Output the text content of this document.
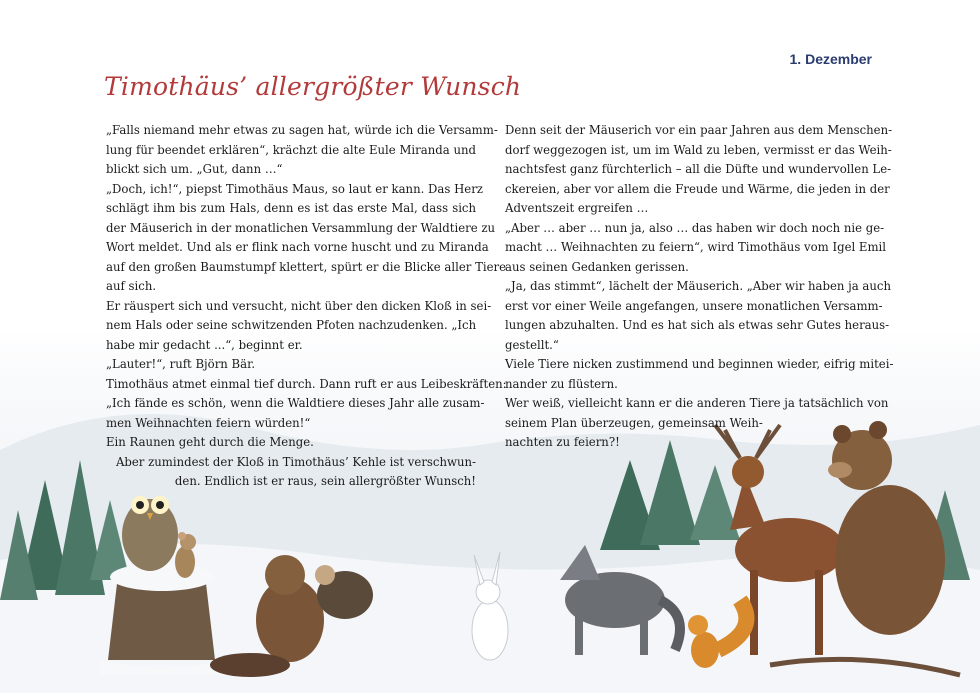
1. Dezember
Timothäus’ allergrößter Wunsch
„Falls niemand mehr etwas zu sagen hat, würde ich die Versamm-
lung für beendet erklären“, krächzt die alte Eule Miranda und
blickt sich um. „Gut, dann …“
„Doch, ich!“, piepst Timothäus Maus, so laut er kann. Das Herz
schlägt ihm bis zum Hals, denn es ist das erste Mal, dass sich
der Mäuserich in der monatlichen Versammlung der Waldtiere zu
Wort meldet. Und als er flink nach vorne huscht und zu Miranda
auf den großen Baumstumpf klettert, spürt er die Blicke aller Tiere
auf sich.
Er räuspert sich und versucht, nicht über den dicken Kloß in sei-
nem Hals oder seine schwitzenden Pfoten nachzudenken. „Ich
habe mir gedacht ...“, beginnt er.
„Lauter!“, ruft Björn Bär.
Timothäus atmet einmal tief durch. Dann ruft er aus Leibeskräften:
„Ich fände es schön, wenn die Waldtiere dieses Jahr alle zusam-
men Weihnachten feiern würden!“
Ein Raunen geht durch die Menge.
Aber zumindest der Kloß in Timothäus’ Kehle ist verschwun-
den. Endlich ist er raus, sein allergrößter Wunsch!
Denn seit der Mäuserich vor ein paar Jahren aus dem Menschen-
dorf weggezogen ist, um im Wald zu leben, vermisst er das Weih-
nachtsfest ganz fürchterlich – all die Düfte und wundervollen Le-
ckereien, aber vor allem die Freude und Wärme, die jeden in der
Adventszeit ergreifen …
„Aber … aber … nun ja, also … das haben wir doch noch nie ge-
macht … Weihnachten zu feiern“, wird Timothäus vom Igel Emil
aus seinen Gedanken gerissen.
„Ja, das stimmt“, lächelt der Mäuserich. „Aber wir haben ja auch
erst vor einer Weile angefangen, unsere monatlichen Versamm-
lungen abzuhalten. Und es hat sich als etwas sehr Gutes heraus-
gestellt.“
Viele Tiere nicken zustimmend und beginnen wieder, eifrig mitei-
nander zu flüstern.
Wer weiß, vielleicht kann er die anderen Tiere ja tatsächlich von
seinem Plan überzeugen, gemeinsam Weih-
nachten zu feiern?!
